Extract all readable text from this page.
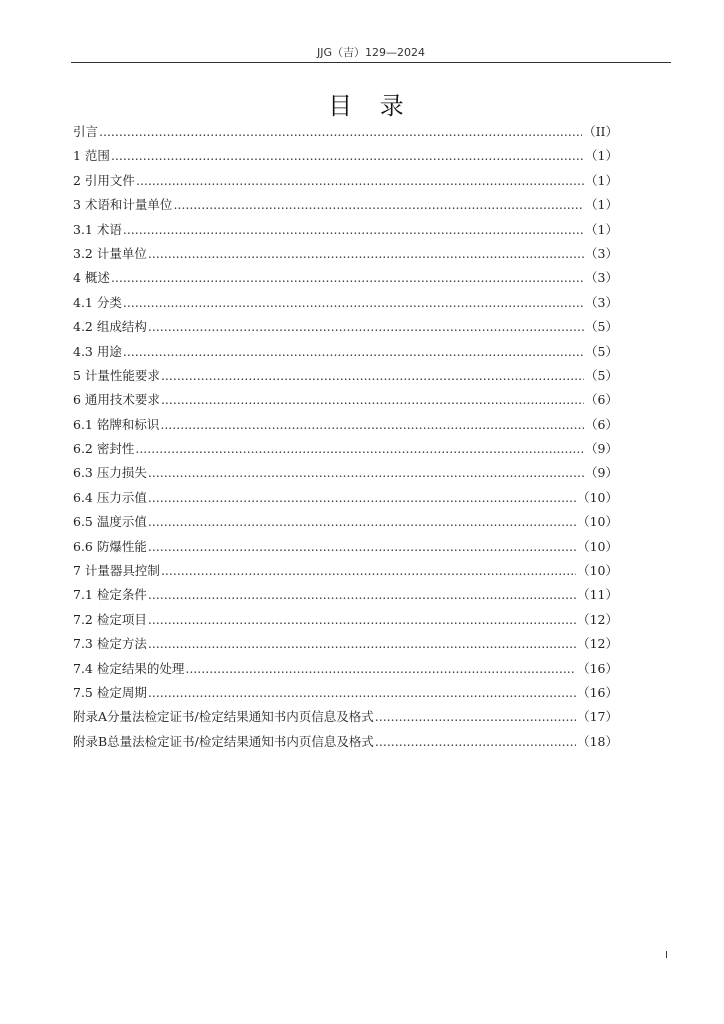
JJG（吉）129—2024
目 录
引言 .....	（II）
1 范围 .....	（1）
2 引用文件 .....	（1）
3 术语和计量单位 .....	（1）
3.1 术语 .....	（1）
3.2 计量单位 .....	（3）
4 概述 .....	（3）
4.1 分类 .....	（3）
4.2 组成结构 .....	（5）
4.3 用途 .....	（5）
5 计量性能要求 .....	（5）
6 通用技术要求 .....	（6）
6.1 铭牌和标识 .....	（6）
6.2 密封性 .....	（9）
6.3 压力损失 .....	（9）
6.4 压力示值 .....	（10）
6.5 温度示值 .....	（10）
6.6 防爆性能 .....	（10）
7 计量器具控制 .....	（10）
7.1 检定条件 .....	（11）
7.2 检定项目 .....	（12）
7.3 检定方法 .....	（12）
7.4 检定结果的处理 .....	（16）
7.5 检定周期 .....	（16）
附录A分量法检定证书/检定结果通知书内页信息及格式 .....	（17）
附录B总量法检定证书/检定结果通知书内页信息及格式 .....	（18）
I
